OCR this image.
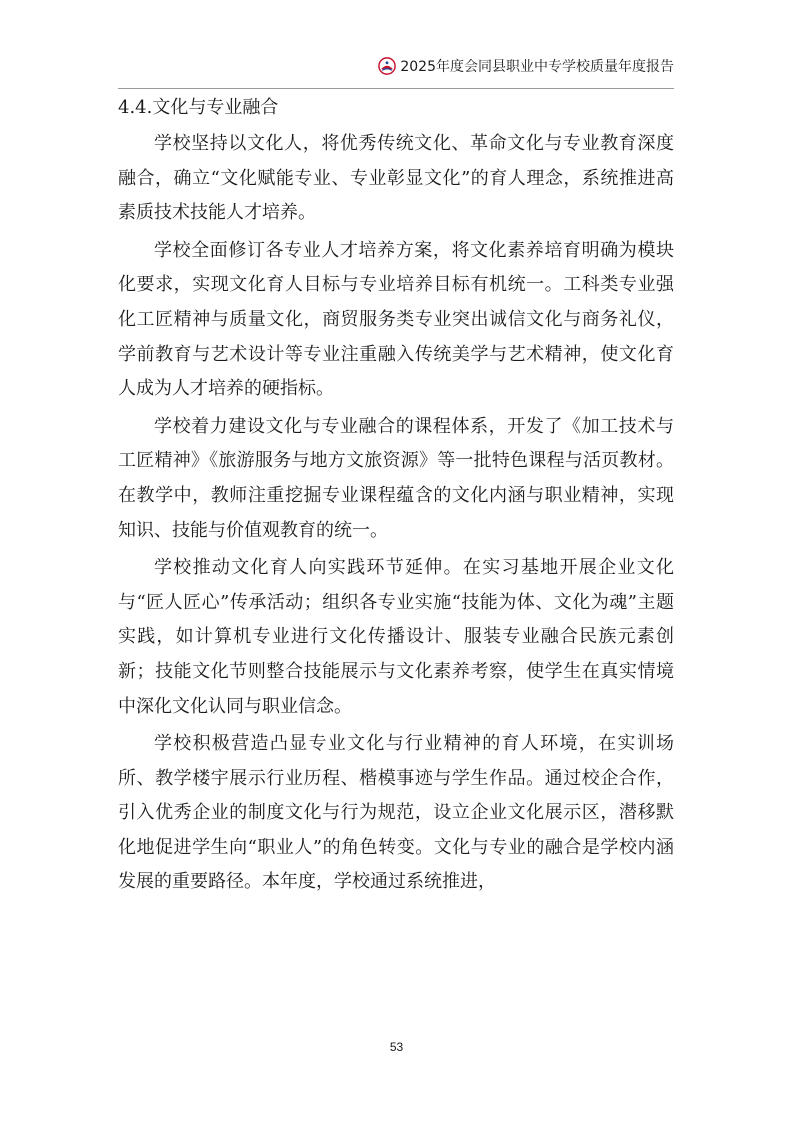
2025年度会同县职业中专学校质量年度报告
4.4.文化与专业融合

学校坚持以文化人，将优秀传统文化、革命文化与专业教育深度融合，确立“文化赋能专业、专业彰显文化”的育人理念，系统推进高素质技术技能人才培养。

学校全面修订各专业人才培养方案，将文化素养培育明确为模块化要求，实现文化育人目标与专业培养目标有机统一。工科类专业强化工匠精神与质量文化，商贸服务类专业突出诚信文化与商务礼仪，学前教育与艺术设计等专业注重融入传统美学与艺术精神，使文化育人成为人才培养的硬指标。

学校着力建设文化与专业融合的课程体系，开发了《加工技术与工匠精神》《旅游服务与地方文旅资源》等一批特色课程与活页教材。在教学中，教师注重挖掘专业课程蕴含的文化内涵与职业精神，实现知识、技能与价值观教育的统一。

学校推动文化育人向实践环节延伸。在实习基地开展企业文化与“匠人匠心”传承活动；组织各专业实施“技能为体、文化为魂”主题实践，如计算机专业进行文化传播设计、服装专业融合民族元素创新；技能文化节则整合技能展示与文化素养考察，使学生在真实情境中深化文化认同与职业信念。

学校积极营造凸显专业文化与行业精神的育人环境，在实训场所、教学楼宇展示行业历程、楷模事迹与学生作品。通过校企合作，引入优秀企业的制度文化与行为规范，设立企业文化展示区，潜移默化地促进学生向“职业人”的角色转变。文化与专业的融合是学校内涵发展的重要路径。本年度，学校通过系统推进，

53
